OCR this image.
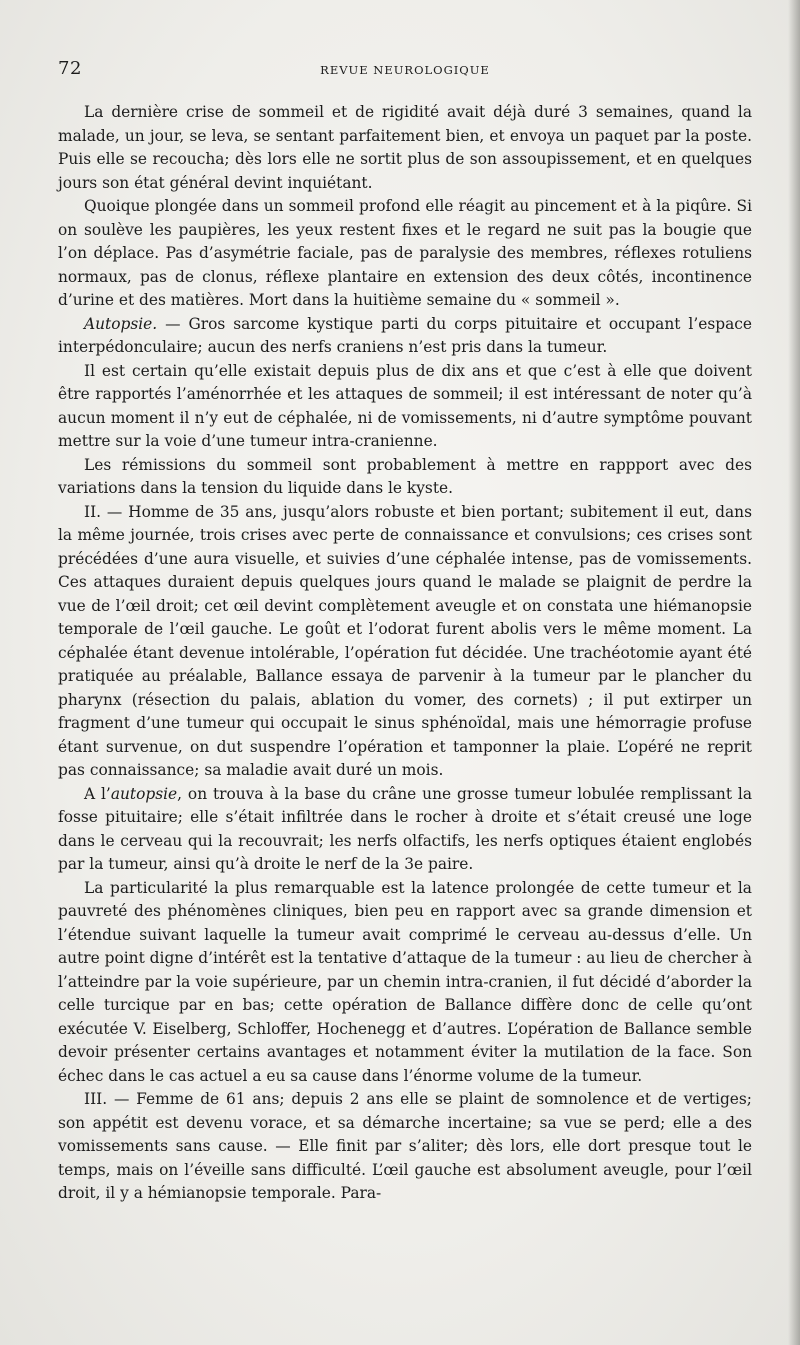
72	REVUE NEUROLOGIQUE

La dernière crise de sommeil et de rigidité avait déjà duré 3 semaines, quand la malade, un jour, se leva, se sentant parfaitement bien, et envoya un paquet par la poste. Puis elle se recoucha; dès lors elle ne sortit plus de son assoupissement, et en quelques jours son état général devint inquiétant.

Quoique plongée dans un sommeil profond elle réagit au pincement et à la piqûre. Si on soulève les paupières, les yeux restent fixes et le regard ne suit pas la bougie que l’on déplace. Pas d’asymétrie faciale, pas de paralysie des membres, réflexes rotuliens normaux, pas de clonus, réflexe plantaire en extension des deux côtés, incontinence d’urine et des matières. Mort dans la huitième semaine du « sommeil ».

Autopsie. — Gros sarcome kystique parti du corps pituitaire et occupant l’espace interpédonculaire; aucun des nerfs craniens n’est pris dans la tumeur.

Il est certain qu’elle existait depuis plus de dix ans et que c’est à elle que doivent être rapportés l’aménorrhée et les attaques de sommeil; il est intéressant de noter qu’à aucun moment il n’y eut de céphalée, ni de vomissements, ni d’autre symptôme pouvant mettre sur la voie d’une tumeur intra-cranienne.

Les rémissions du sommeil sont probablement à mettre en rappport avec des variations dans la tension du liquide dans le kyste.

II. — Homme de 35 ans, jusqu’alors robuste et bien portant; subitement il eut, dans la même journée, trois crises avec perte de connaissance et convulsions; ces crises sont précédées d’une aura visuelle, et suivies d’une céphalée intense, pas de vomissements. Ces attaques duraient depuis quelques jours quand le malade se plaignit de perdre la vue de l’œil droit; cet œil devint complètement aveugle et on constata une hiémanopsie temporale de l’œil gauche. Le goût et l’odorat furent abolis vers le même moment. La céphalée étant devenue intolérable, l’opération fut décidée. Une trachéotomie ayant été pratiquée au préalable, Ballance essaya de parvenir à la tumeur par le plancher du pharynx (résection du palais, ablation du vomer, des cornets) ; il put extirper un fragment d’une tumeur qui occupait le sinus sphénoïdal, mais une hémorragie profuse étant survenue, on dut suspendre l’opération et tamponner la plaie. L’opéré ne reprit pas connaissance; sa maladie avait duré un mois.

A l’autopsie, on trouva à la base du crâne une grosse tumeur lobulée remplissant la fosse pituitaire; elle s’était infiltrée dans le rocher à droite et s’était creusé une loge dans le cerveau qui la recouvrait; les nerfs olfactifs, les nerfs optiques étaient englobés par la tumeur, ainsi qu’à droite le nerf de la 3e paire.

La particularité la plus remarquable est la latence prolongée de cette tumeur et la pauvreté des phénomènes cliniques, bien peu en rapport avec sa grande dimension et l’étendue suivant laquelle la tumeur avait comprimé le cerveau au-dessus d’elle. Un autre point digne d’intérêt est la tentative d’attaque de la tumeur : au lieu de chercher à l’atteindre par la voie supérieure, par un chemin intra-cranien, il fut décidé d’aborder la celle turcique par en bas; cette opération de Ballance diffère donc de celle qu’ont exécutée V. Eiselberg, Schloffer, Hochenegg et d’autres. L’opération de Ballance semble devoir présenter certains avantages et notamment éviter la mutilation de la face. Son échec dans le cas actuel a eu sa cause dans l’énorme volume de la tumeur.

III. — Femme de 61 ans; depuis 2 ans elle se plaint de somnolence et de vertiges; son appétit est devenu vorace, et sa démarche incertaine; sa vue se perd; elle a des vomissements sans cause. — Elle finit par s’aliter; dès lors, elle dort presque tout le temps, mais on l’éveille sans difficulté. L’œil gauche est absolument aveugle, pour l’œil droit, il y a hémianopsie temporale. Para-
